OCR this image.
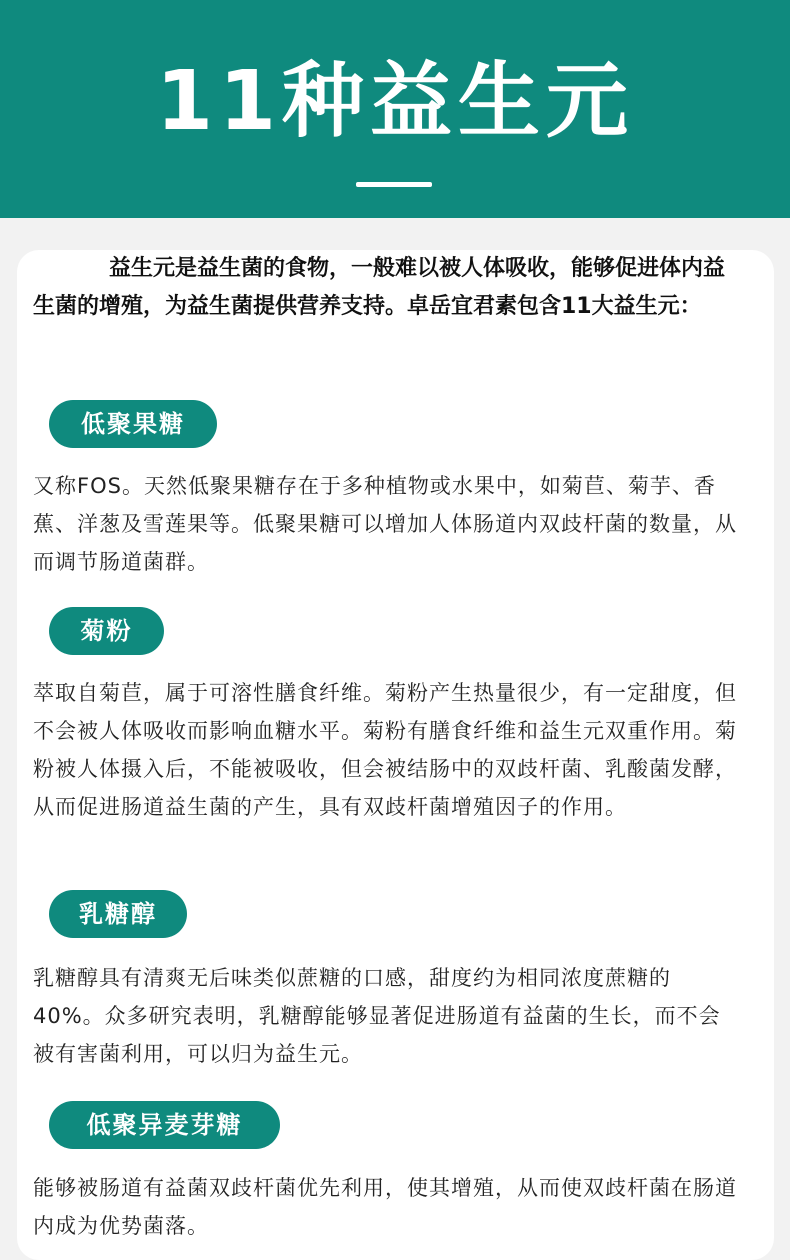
11种益生元
益生元是益生菌的食物，一般难以被人体吸收，能够促进体内益生菌的增殖，为益生菌提供营养支持。卓岳宜君素包含11大益生元：
低聚果糖
又称FOS。天然低聚果糖存在于多种植物或水果中，如菊苣、菊芋、香蕉、洋葱及雪莲果等。低聚果糖可以增加人体肠道内双歧杆菌的数量，从而调节肠道菌群。
菊粉
萃取自菊苣，属于可溶性膳食纤维。菊粉产生热量很少，有一定甜度，但不会被人体吸收而影响血糖水平。菊粉有膳食纤维和益生元双重作用。菊粉被人体摄入后，不能被吸收，但会被结肠中的双歧杆菌、乳酸菌发酵，从而促进肠道益生菌的产生，具有双歧杆菌增殖因子的作用。
乳糖醇
乳糖醇具有清爽无后味类似蔗糖的口感，甜度约为相同浓度蔗糖的40%。众多研究表明，乳糖醇能够显著促进肠道有益菌的生长，而不会被有害菌利用，可以归为益生元。
低聚异麦芽糖
能够被肠道有益菌双歧杆菌优先利用，使其增殖，从而使双歧杆菌在肠道内成为优势菌落。
